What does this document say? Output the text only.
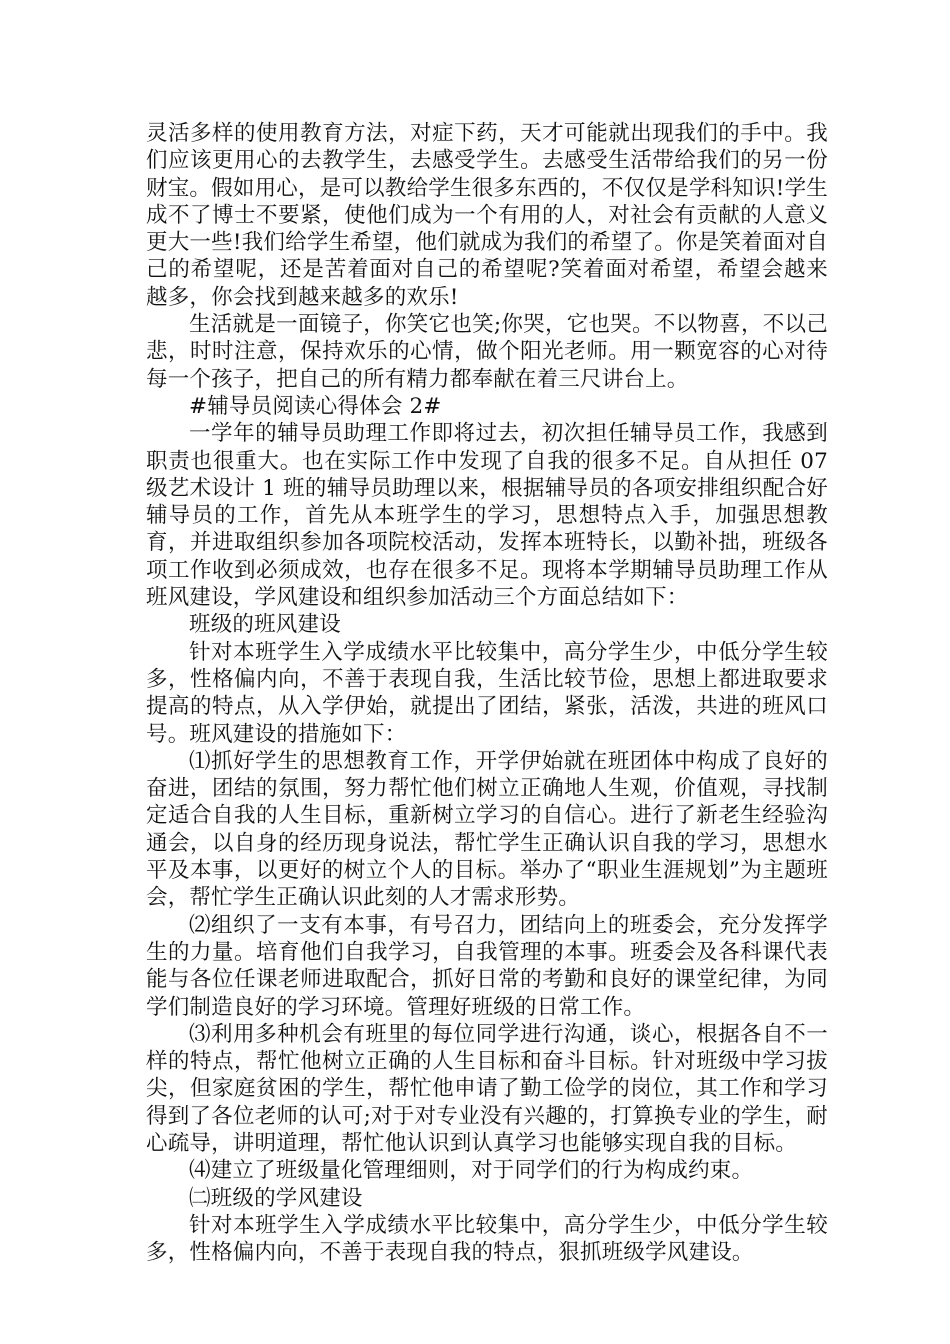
灵活多样的使用教育方法，对症下药，天才可能就出现我们的手中。我们应该更用心的去教学生，去感受学生。去感受生活带给我们的另一份财宝。假如用心，是可以教给学生很多东西的，不仅仅是学科知识!学生成不了博士不要紧，使他们成为一个有用的人，对社会有贡献的人意义更大一些!我们给学生希望，他们就成为我们的希望了。你是笑着面对自己的希望呢，还是苦着面对自己的希望呢?笑着面对希望，希望会越来越多，你会找到越来越多的欢乐!

生活就是一面镜子，你笑它也笑;你哭，它也哭。不以物喜，不以己悲，时时注意，保持欢乐的心情，做个阳光老师。用一颗宽容的心对待每一个孩子，把自己的所有精力都奉献在着三尺讲台上。

#辅导员阅读心得体会 2#

一学年的辅导员助理工作即将过去，初次担任辅导员工作，我感到职责也很重大。也在实际工作中发现了自我的很多不足。自从担任 07 级艺术设计 1 班的辅导员助理以来，根据辅导员的各项安排组织配合好辅导员的工作，首先从本班学生的学习，思想特点入手，加强思想教育，并进取组织参加各项院校活动，发挥本班特长，以勤补拙，班级各项工作收到必须成效，也存在很多不足。现将本学期辅导员助理工作从班风建设，学风建设和组织参加活动三个方面总结如下：

班级的班风建设

针对本班学生入学成绩水平比较集中，高分学生少，中低分学生较多，性格偏内向，不善于表现自我，生活比较节俭，思想上都进取要求提高的特点，从入学伊始，就提出了团结，紧张，活泼，共进的班风口号。班风建设的措施如下：

⑴抓好学生的思想教育工作，开学伊始就在班团体中构成了良好的奋进，团结的氛围，努力帮忙他们树立正确地人生观，价值观，寻找制定适合自我的人生目标，重新树立学习的自信心。进行了新老生经验沟通会，以自身的经历现身说法，帮忙学生正确认识自我的学习，思想水平及本事，以更好的树立个人的目标。举办了“职业生涯规划”为主题班会，帮忙学生正确认识此刻的人才需求形势。

⑵组织了一支有本事，有号召力，团结向上的班委会，充分发挥学生的力量。培育他们自我学习，自我管理的本事。班委会及各科课代表能与各位任课老师进取配合，抓好日常的考勤和良好的课堂纪律，为同学们制造良好的学习环境。管理好班级的日常工作。

⑶利用多种机会有班里的每位同学进行沟通，谈心，根据各自不一样的特点，帮忙他树立正确的人生目标和奋斗目标。针对班级中学习拔尖，但家庭贫困的学生，帮忙他申请了勤工俭学的岗位，其工作和学习得到了各位老师的认可;对于对专业没有兴趣的，打算换专业的学生，耐心疏导，讲明道理，帮忙他认识到认真学习也能够实现自我的目标。

⑷建立了班级量化管理细则，对于同学们的行为构成约束。

㈡班级的学风建设

针对本班学生入学成绩水平比较集中，高分学生少，中低分学生较多，性格偏内向，不善于表现自我的特点，狠抓班级学风建设。
